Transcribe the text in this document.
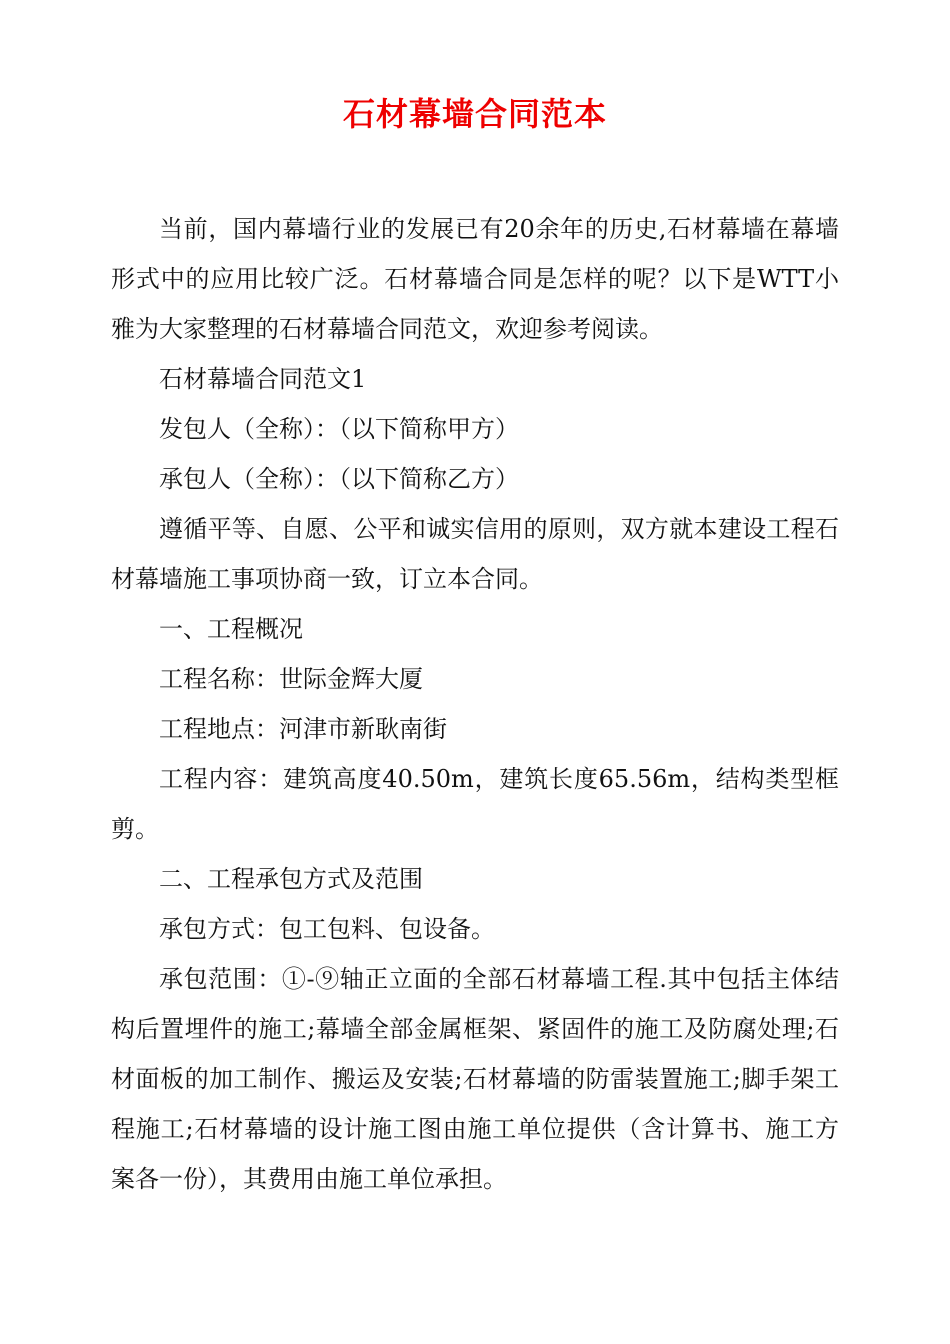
石材幕墙合同范本

当前，国内幕墙行业的发展已有20余年的历史,石材幕墙在幕墙形式中的应用比较广泛。石材幕墙合同是怎样的呢？以下是WTT小雅为大家整理的石材幕墙合同范文，欢迎参考阅读。

石材幕墙合同范文1

发包人（全称）：（以下简称甲方）

承包人（全称）：（以下简称乙方）

遵循平等、自愿、公平和诚实信用的原则，双方就本建设工程石材幕墙施工事项协商一致，订立本合同。

一、工程概况

工程名称：世际金辉大厦

工程地点：河津市新耿南街

工程内容：建筑高度40.50m，建筑长度65.56m，结构类型框剪。

二、工程承包方式及范围

承包方式：包工包料、包设备。

承包范围：①-⑨轴正立面的全部石材幕墙工程.其中包括主体结构后置埋件的施工;幕墙全部金属框架、紧固件的施工及防腐处理;石材面板的加工制作、搬运及安装;石材幕墙的防雷装置施工;脚手架工程施工;石材幕墙的设计施工图由施工单位提供（含计算书、施工方案各一份），其费用由施工单位承担。
